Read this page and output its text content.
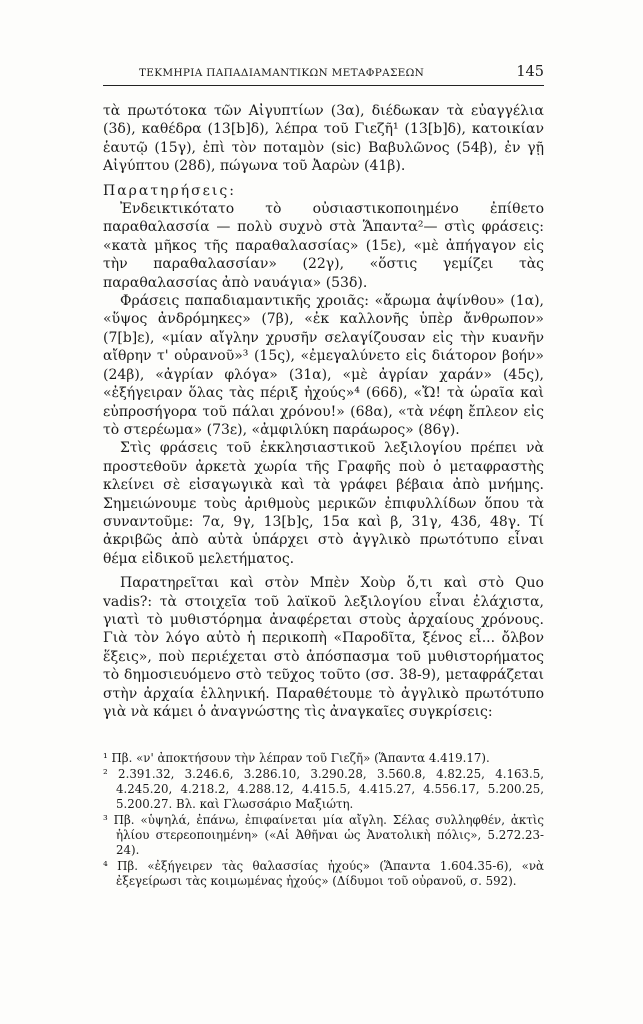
ΤΕΚΜΗΡΙΑ ΠΑΠΑΔΙΑΜΑΝΤΙΚΩΝ ΜΕΤΑΦΡΑΣΕΩΝ	145

τὰ πρωτότοκα τῶν Αἰγυπτίων (3α), διέδωκαν τὰ εὐαγγέλια (3δ), καθέδρα (13[b]δ), λέπρα τοῦ Γιεζῆ¹ (13[b]δ), κατοικίαν ἑαυτῷ (15γ), ἐπὶ τὸν ποταμὸν (sic) Βαβυλῶνος (54β), ἐν γῇ Αἰγύπτου (28δ), πώγωνα τοῦ Ἀαρὼν (41β).

Παρατηρήσεις:

Ἐνδεικτικότατο τὸ οὐσιαστικοποιημένο ἐπίθετο παραθαλασσία — πολὺ συχνὸ στὰ Ἅπαντα²— στὶς φράσεις: «κατὰ μῆκος τῆς παραθαλασσίας» (15ε), «μὲ ἀπήγαγον εἰς τὴν παραθαλασσίαν» (22γ), «ὅστις γεμίζει τὰς παραθαλασσίας ἀπὸ ναυάγια» (53δ).

Φράσεις παπαδιαμαντικῆς χροιᾶς: «ἄρωμα ἀψίνθου» (1α), «ὕψος ἀνδρόμηκες» (7β), «ἐκ καλλονῆς ὑπὲρ ἄνθρωπον» (7[b]ε), «μίαν αἴγλην χρυσῆν σελαγίζουσαν εἰς τὴν κυανῆν αἴθρην τ' οὐρανοῦ»³ (15ς), «ἐμεγαλύνετο εἰς διάτορον βοήν» (24β), «ἀγρίαν φλόγα» (31α), «μὲ ἀγρίαν χαράν» (45ς), «ἐξήγειραν ὅλας τὰς πέριξ ἠχούς»⁴ (66δ), «Ὤ! τὰ ὡραῖα καὶ εὐπροσήγορα τοῦ πάλαι χρόνου!» (68α), «τὰ νέφη ἔπλεον εἰς τὸ στερέωμα» (73ε), «ἀμφιλύκη παράωρος» (86γ).

Στὶς φράσεις τοῦ ἐκκλησιαστικοῦ λεξιλογίου πρέπει νὰ προστεθοῦν ἀρκετὰ χωρία τῆς Γραφῆς ποὺ ὁ μεταφραστὴς κλείνει σὲ εἰσαγωγικὰ καὶ τὰ γράφει βέβαια ἀπὸ μνήμης. Σημειώνουμε τοὺς ἀριθμοὺς μερικῶν ἐπιφυλλίδων ὅπου τὰ συναντοῦμε: 7α, 9γ, 13[b]ς, 15α καὶ β, 31γ, 43δ, 48γ. Τί ἀκριβῶς ἀπὸ αὐτὰ ὑπάρχει στὸ ἀγγλικὸ πρωτότυπο εἶναι θέμα εἰδικοῦ μελετήματος.

Παρατηρεῖται καὶ στὸν Μπὲν Χοὺρ ὅ,τι καὶ στὸ Quo vadis?: τὰ στοιχεῖα τοῦ λαϊκοῦ λεξιλογίου εἶναι ἐλάχιστα, γιατὶ τὸ μυθιστόρημα ἀναφέρεται στοὺς ἀρχαίους χρόνους. Γιὰ τὸν λόγο αὐτὸ ἡ περικοπὴ «Παροδῖτα, ξένος εἶ... ὄλβον ἕξεις», ποὺ περιέχεται στὸ ἀπόσπασμα τοῦ μυθιστορήματος τὸ δημοσιευόμενο στὸ τεῦχος τοῦτο (σσ. 38-9), μεταφράζεται στὴν ἀρχαία ἑλληνική. Παραθέτουμε τὸ ἀγγλικὸ πρωτότυπο γιὰ νὰ κάμει ὁ ἀναγνώστης τὶς ἀναγκαῖες συγκρίσεις:

¹ Πβ. «ν' ἀποκτήσουν τὴν λέπραν τοῦ Γιεζῆ» (Ἅπαντα 4.419.17).

² 2.391.32, 3.246.6, 3.286.10, 3.290.28, 3.560.8, 4.82.25, 4.163.5, 4.245.20, 4.218.2, 4.288.12, 4.415.5, 4.415.27, 4.556.17, 5.200.25, 5.200.27. Βλ. καὶ Γλωσσάριο Μαξιώτη.

³ Πβ. «ὑψηλά, ἐπάνω, ἐπιφαίνεται μία αἴγλη. Σέλας συλληφθέν, ἀκτὶς ἡλίου στερεοποιημένη» («Αἱ Ἀθῆναι ὡς Ἀνατολικὴ πόλις», 5.272.23-24).

⁴ Πβ. «ἐξήγειρεν τὰς θαλασσίας ἠχούς» (Ἅπαντα 1.604.35-6), «νὰ ἐξεγείρωσι τὰς κοιμωμένας ἠχούς» (Δίδυμοι τοῦ οὐρανοῦ, σ. 592).
